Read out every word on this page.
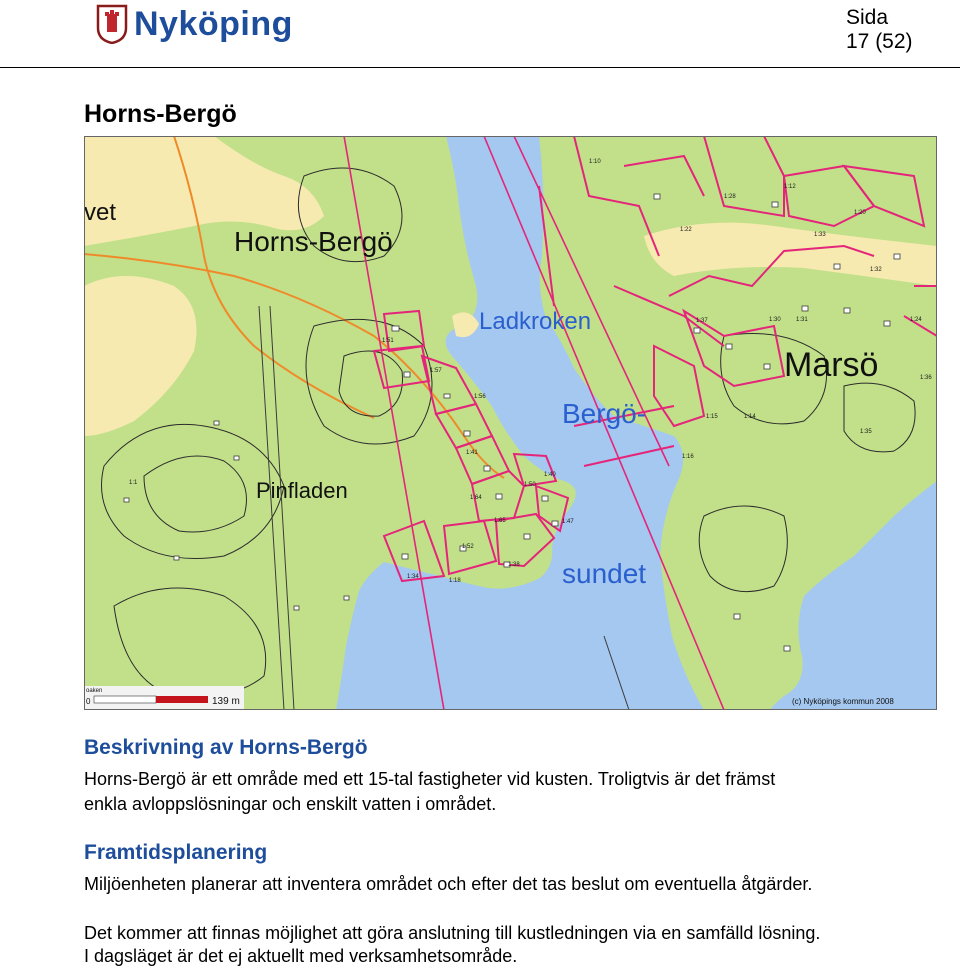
Nyköping	Sida
17 (52)
Horns-Bergö
1:10
1:28
1:12
1:20
1:33
1:22
1:32
1:30	1:31	1:24
1:37
1:15	1:14
1:16
1:35
1:57
1:51
1:56
1:41
1:40
1:50
1:64
1:65	1:47
1:52
1:38
1:34
1:18
1:36
1:1
Horns-Bergö
Ladkroken
Marsö
Bergö-
sundet
Pinfladen
vet
oaken
0	139 m	(c) Nyköpings kommun 2008
Beskrivning av Horns-Bergö

Horns-Bergö är ett område med ett 15-tal fastigheter vid kusten. Troligtvis är det främst

enkla avloppslösningar och enskilt vatten i området.

Framtidsplanering

Miljöenheten planerar att inventera området och efter det tas beslut om eventuella åtgärder.

Det kommer att finnas möjlighet att göra anslutning till kustledningen via en samfälld lösning.

I dagsläget är det ej aktuellt med verksamhetsområde.
